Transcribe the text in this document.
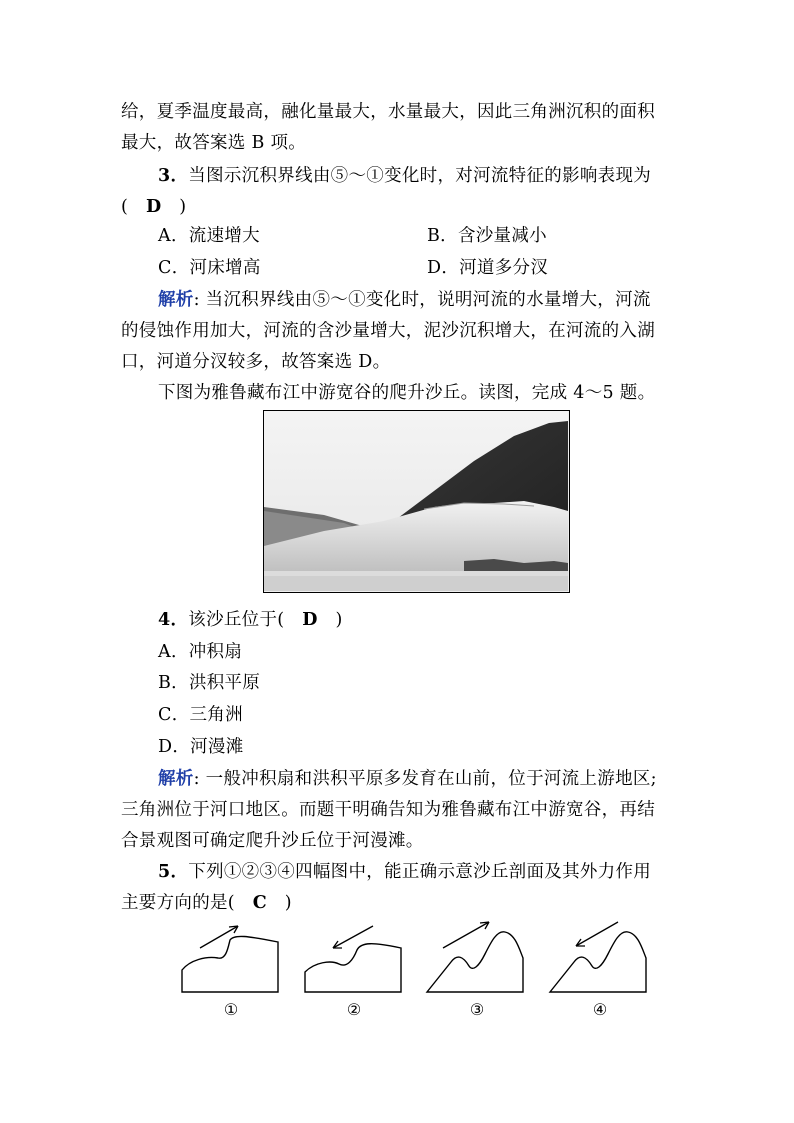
给，夏季温度最高，融化量最大，水量最大，因此三角洲沉积的面积
最大，故答案选 B 项。
3．当图示沉积界线由⑤～①变化时，对河流特征的影响表现为
(　D　)
A．流速增大	B．含沙量减小
C．河床增高	D．河道多分汊
解析: 当沉积界线由⑤～①变化时，说明河流的水量增大，河流
的侵蚀作用加大，河流的含沙量增大，泥沙沉积增大，在河流的入湖
口，河道分汊较多，故答案选 D。
下图为雅鲁藏布江中游宽谷的爬升沙丘。读图，完成 4～5 题。
4．该沙丘位于(　D　)
A．冲积扇
B．洪积平原
C．三角洲
D．河漫滩
解析: 一般冲积扇和洪积平原多发育在山前，位于河流上游地区;
三角洲位于河口地区。而题干明确告知为雅鲁藏布江中游宽谷，再结
合景观图可确定爬升沙丘位于河漫滩。
5．下列①②③④四幅图中，能正确示意沙丘剖面及其外力作用
主要方向的是(　C　)
①	②	③	④
